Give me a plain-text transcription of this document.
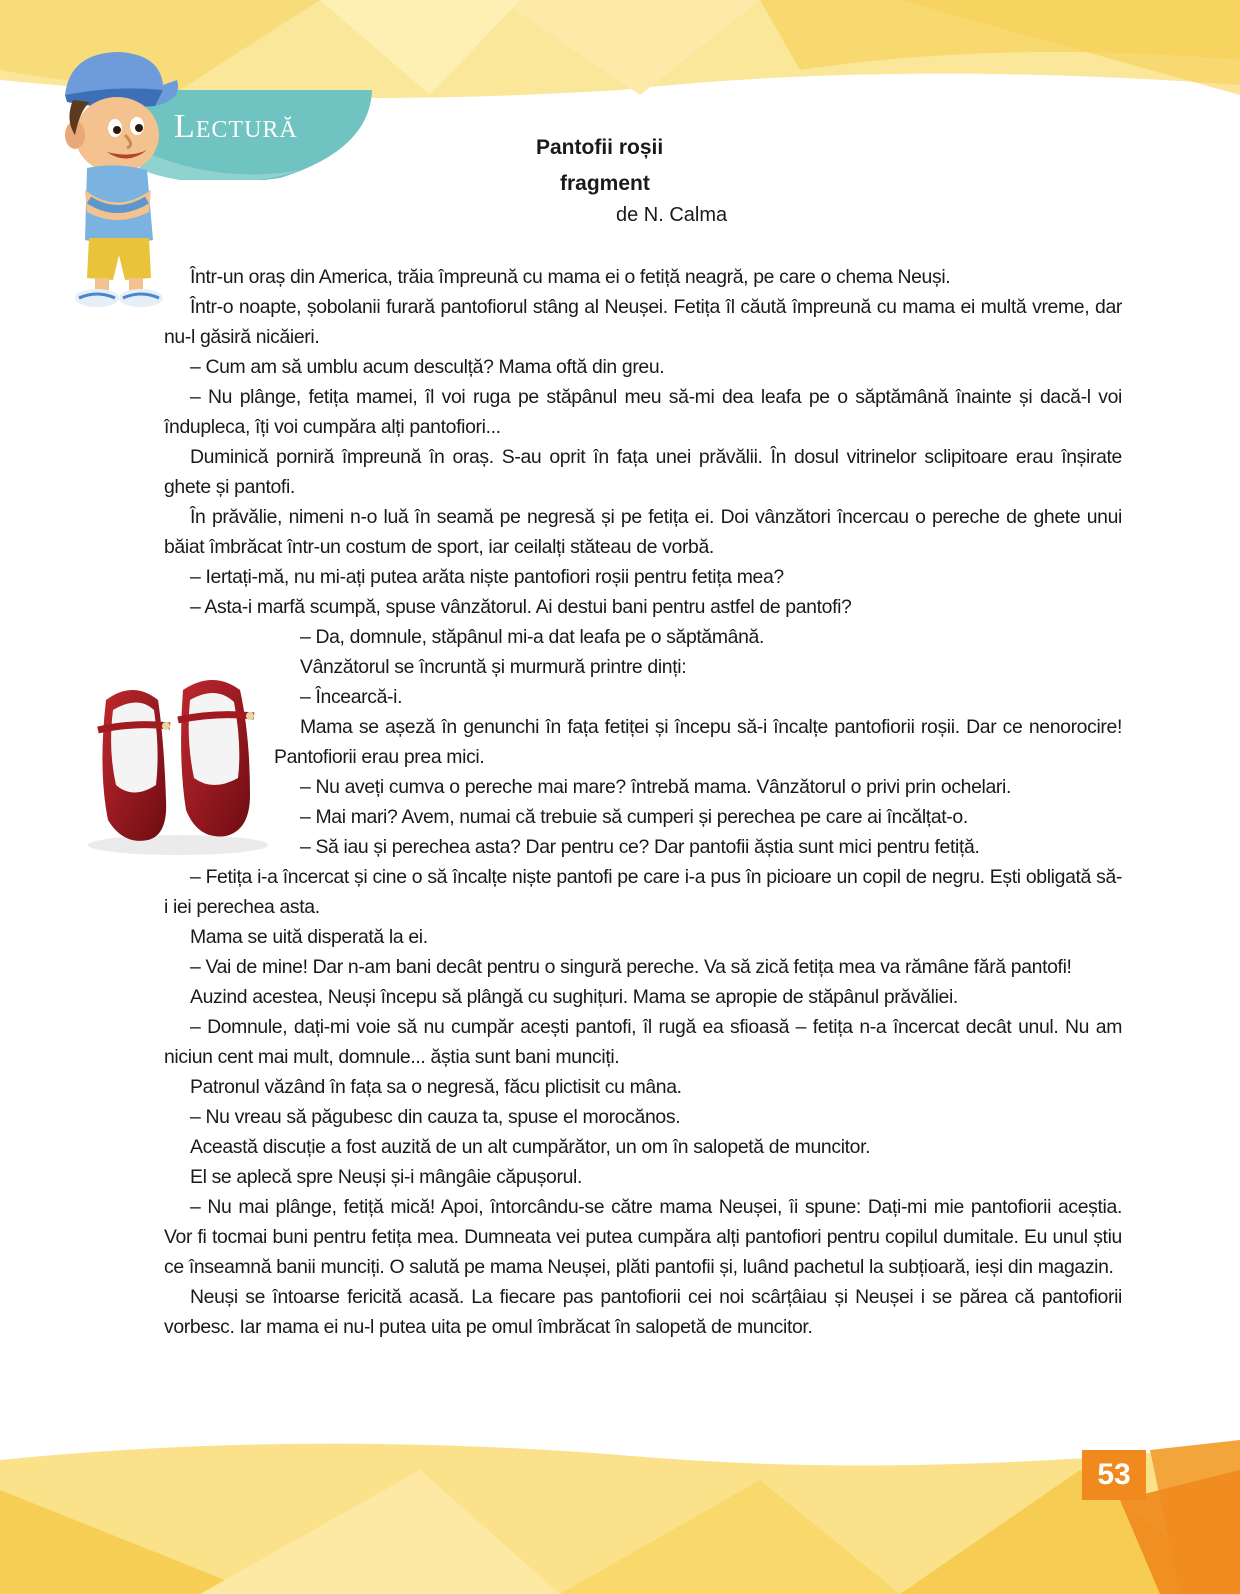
Lectură
Pantofii roșii
fragment
de N. Calma

Într-un oraș din America, trăia împreună cu mama ei o fetiță neagră, pe care o chema Neuși.

Într-o noapte, șobolanii furară pantofiorul stâng al Neușei. Fetița îl căută împreună cu mama ei multă vreme, dar nu-l găsiră nicăieri.

– Cum am să umblu acum desculță? Mama oftă din greu.

– Nu plânge, fetița mamei, îl voi ruga pe stăpânul meu să-mi dea leafa pe o săptămână înainte și dacă-l voi îndupleca, îți voi cumpăra alți pantofiori...

Duminică porniră împreună în oraș. S-au oprit în fața unei prăvălii. În dosul vitrinelor sclipitoare erau înșirate ghete și pantofi.

În prăvălie, nimeni n-o luă în seamă pe negresă și pe fetița ei. Doi vânzători încercau o pereche de ghete unui băiat îmbrăcat într-un costum de sport, iar ceilalți stăteau de vorbă.

– Iertați-mă, nu mi-ați putea arăta niște pantofiori roșii pentru fetița mea?

– Asta-i marfă scumpă, spuse vânzătorul. Ai destui bani pentru astfel de pantofi?

– Da, domnule, stăpânul mi-a dat leafa pe o săptămână.

Vânzătorul se încruntă și murmură printre dinți:

– Încearcă-i.

Mama se așeză în genunchi în fața fetiței și începu să-i încalțe pantofiorii roșii. Dar ce nenorocire! Pantofiorii erau prea mici.

– Nu aveți cumva o pereche mai mare? întrebă mama. Vânzătorul o privi prin ochelari.

– Mai mari? Avem, numai că trebuie să cumperi și perechea pe care ai încălțat-o.

– Să iau și perechea asta? Dar pentru ce? Dar pantofii ăștia sunt mici pentru fetiță.

– Fetița i-a încercat și cine o să încalțe niște pantofi pe care i-a pus în picioare un copil de negru. Ești obligată să-i iei perechea asta.

Mama se uită disperată la ei.

– Vai de mine! Dar n-am bani decât pentru o singură pereche. Va să zică fetița mea va rămâne fără pantofi!

Auzind acestea, Neuși începu să plângă cu sughițuri. Mama se apropie de stăpânul prăvăliei.

– Domnule, dați-mi voie să nu cumpăr acești pantofi, îl rugă ea sfioasă – fetița n-a încercat decât unul. Nu am niciun cent mai mult, domnule... ăștia sunt bani munciți.

Patronul văzând în fața sa o negresă, făcu plictisit cu mâna.

– Nu vreau să păgubesc din cauza ta, spuse el morocănos.

Această discuție a fost auzită de un alt cumpărător, un om în salopetă de muncitor.

El se aplecă spre Neuși și-i mângâie căpușorul.

– Nu mai plânge, fetiță mică! Apoi, întorcându-se către mama Neușei, îi spune: Dați-mi mie pantofiorii aceștia. Vor fi tocmai buni pentru fetița mea. Dumneata vei putea cumpăra alți pantofiori pentru copilul dumitale. Eu unul știu ce înseamnă banii munciți. O salută pe mama Neușei, plăti pantofii și, luând pachetul la subțioară, ieși din magazin.

Neuși se întoarse fericită acasă. La fiecare pas pantofiorii cei noi scârțâiau și Neușei i se părea că pantofiorii vorbesc. Iar mama ei nu-l putea uita pe omul îmbrăcat în salopetă de muncitor.

53
